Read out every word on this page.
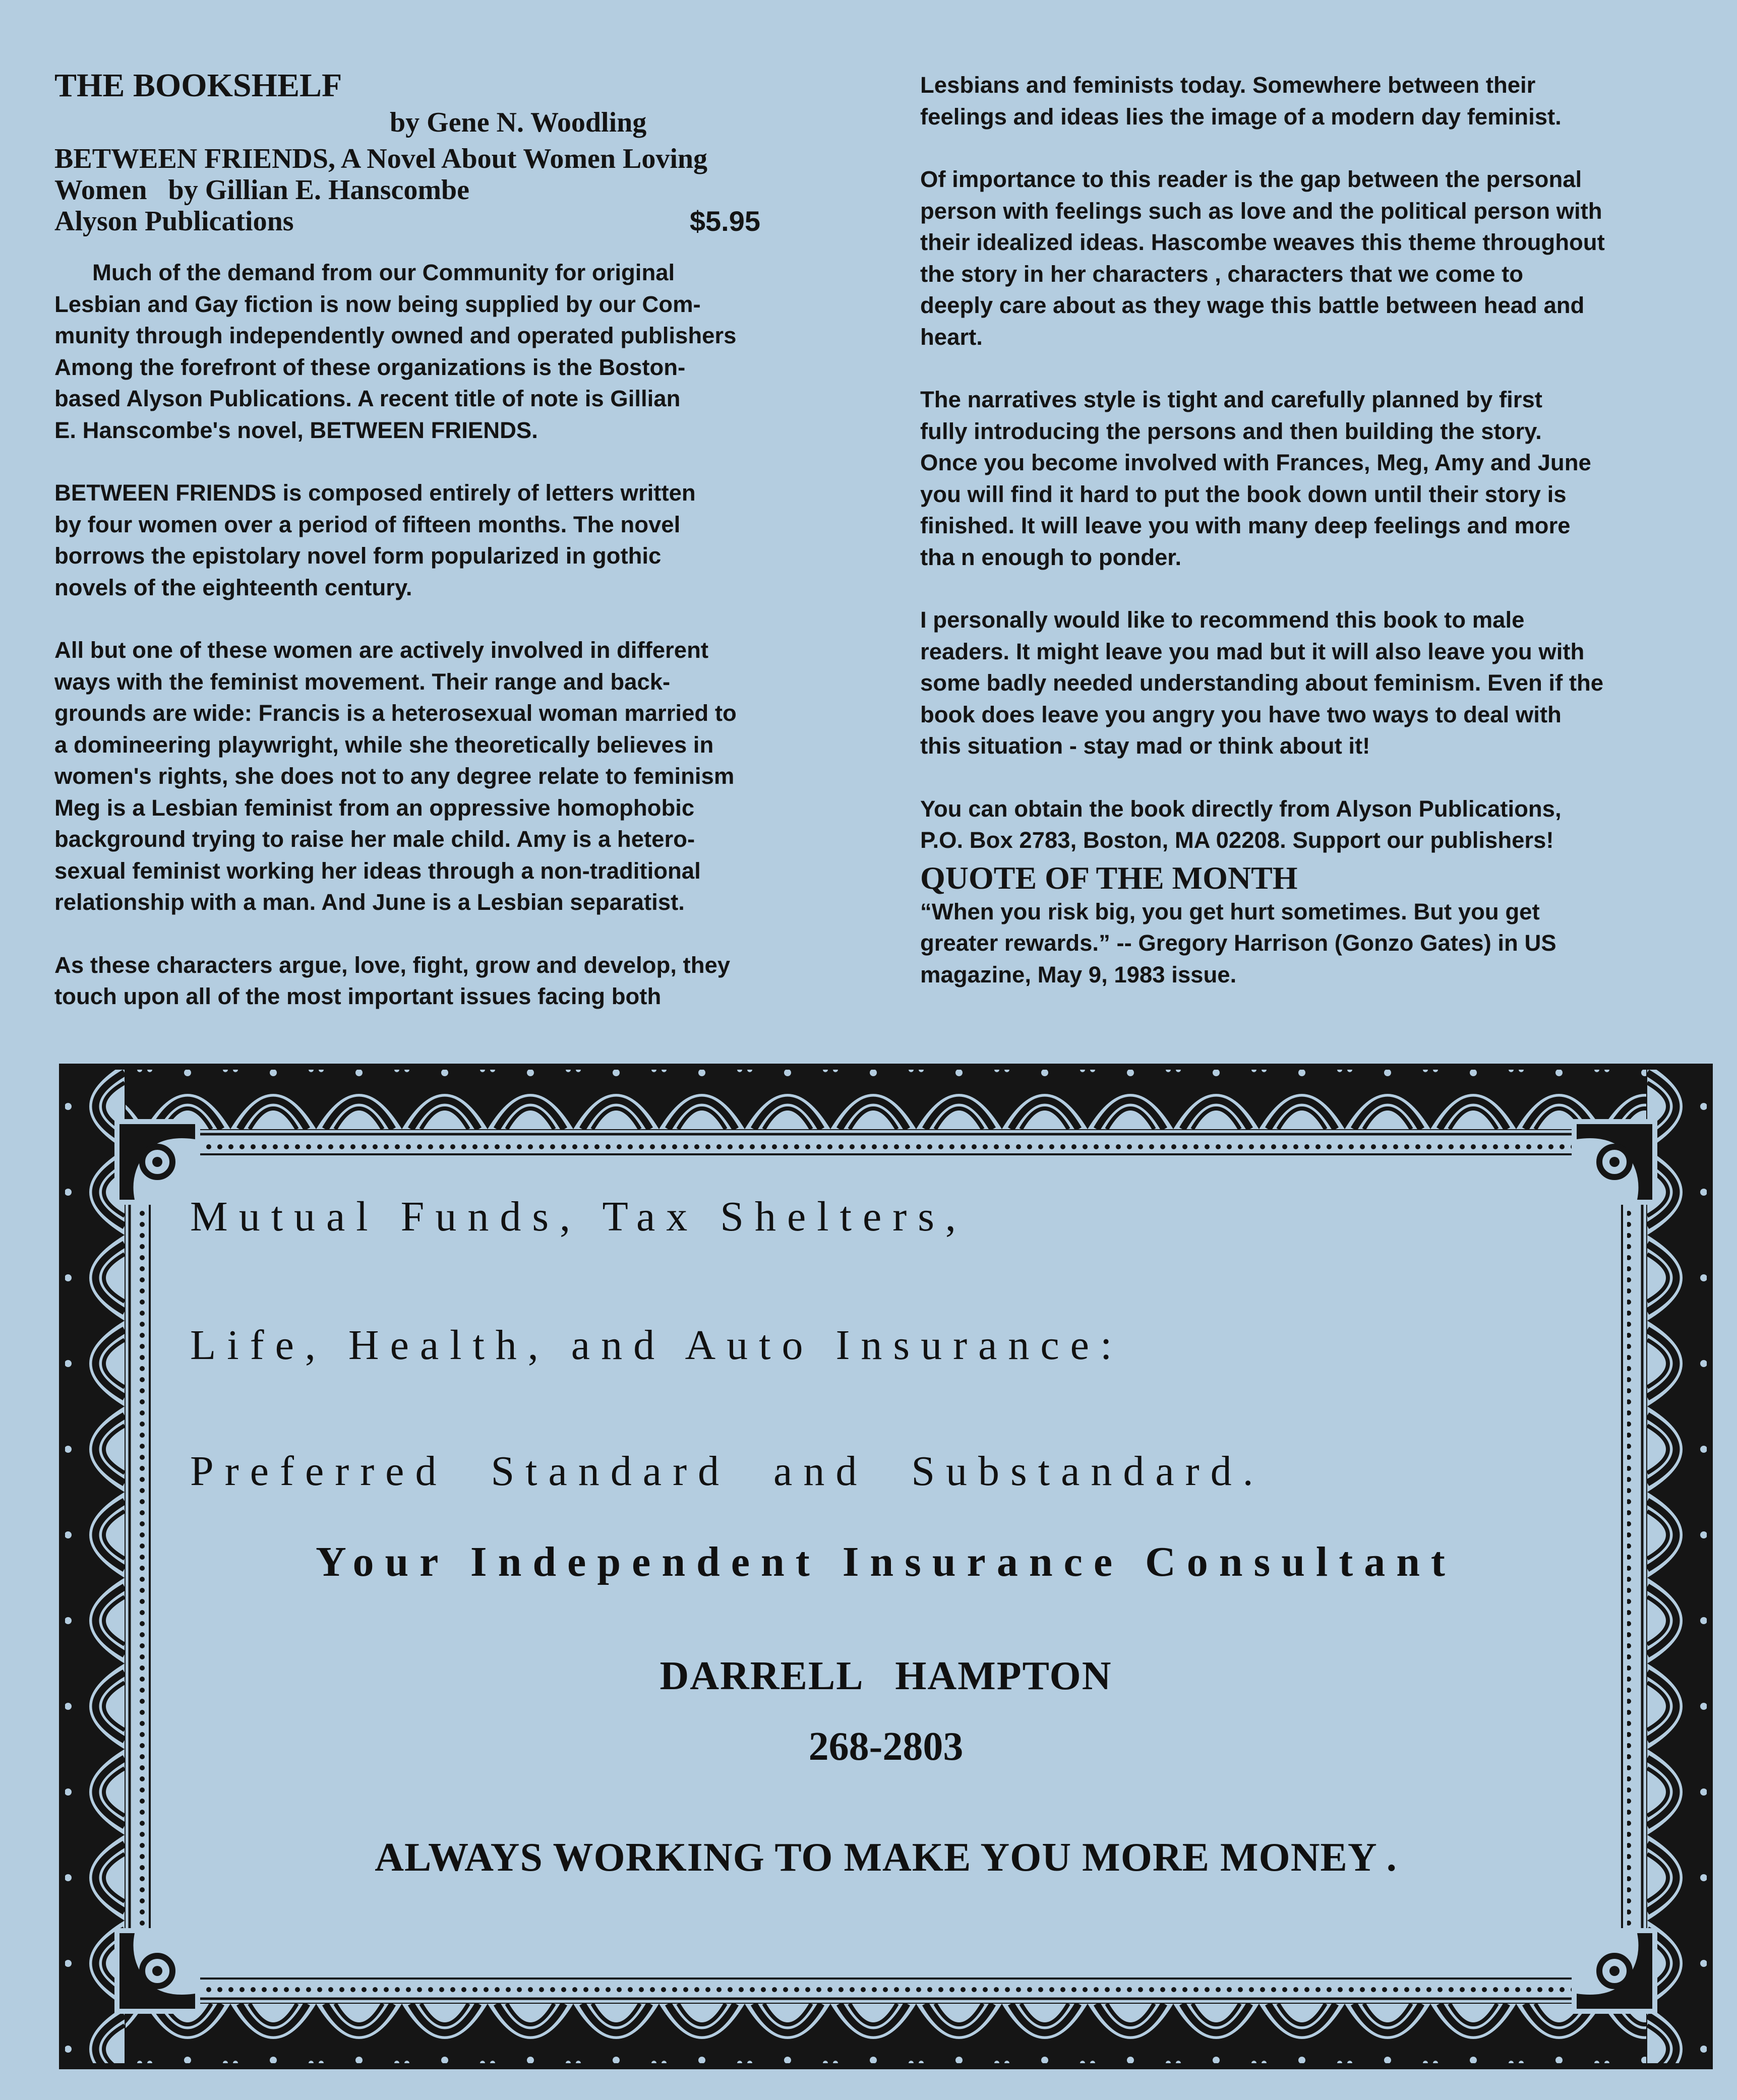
THE BOOKSHELF

by Gene N. Woodling

BETWEEN FRIENDS, A Novel About Women Loving
Women   by Gillian E. Hanscombe
Alyson Publications	$5.95

Much of the demand from our Community for original
Lesbian and Gay fiction is now being supplied by our Com-
munity through independently owned and operated publishers
Among the forefront of these organizations is the Boston-
based Alyson Publications. A recent title of note is Gillian
E. Hanscombe's novel, BETWEEN FRIENDS.

BETWEEN FRIENDS is composed entirely of letters written
by four women over a period of fifteen months. The novel
borrows the epistolary novel form popularized in gothic
novels of the eighteenth century.

All but one of these women are actively involved in different
ways with the feminist movement. Their range and back-
grounds are wide: Francis is a heterosexual woman married to
a domineering playwright, while she theoretically believes in
women's rights, she does not to any degree relate to feminism
Meg is a Lesbian feminist from an oppressive homophobic
background trying to raise her male child. Amy is a hetero-
sexual feminist working her ideas through a non-traditional
relationship with a man. And June is a Lesbian separatist.

As these characters argue, love, fight, grow and develop, they
touch upon all of the most important issues facing both

Lesbians and feminists today. Somewhere between their
feelings and ideas lies the image of a modern day feminist.

Of importance to this reader is the gap between the personal
person with feelings such as love and the political person with
their idealized ideas. Hascombe weaves this theme throughout
the story in her characters , characters that we come to
deeply care about as they wage this battle between head and
heart.

The narratives style is tight and carefully planned by first
fully introducing the persons and then building the story.
Once you become involved with Frances, Meg, Amy and June
you will find it hard to put the book down until their story is
finished. It will leave you with many deep feelings and more
tha n enough to ponder.

I personally would like to recommend this book to male
readers. It might leave you mad but it will also leave you with
some badly needed understanding about feminism. Even if the
book does leave you angry you have two ways to deal with
this situation - stay mad or think about it!

You can obtain the book directly from Alyson Publications,
P.O. Box 2783, Boston, MA 02208. Support our publishers!

QUOTE OF THE MONTH

“When you risk big, you get hurt sometimes. But you get
greater rewards.” -- Gregory Harrison (Gonzo Gates) in US
magazine, May 9, 1983 issue.

Mutual Funds, Tax Shelters,
Life, Health, and Auto Insurance:
Preferred  Standard  and  Substandard.
Your Independent Insurance Consultant
DARRELL   HAMPTON
268-2803
ALWAYS WORKING TO MAKE YOU MORE MONEY .
